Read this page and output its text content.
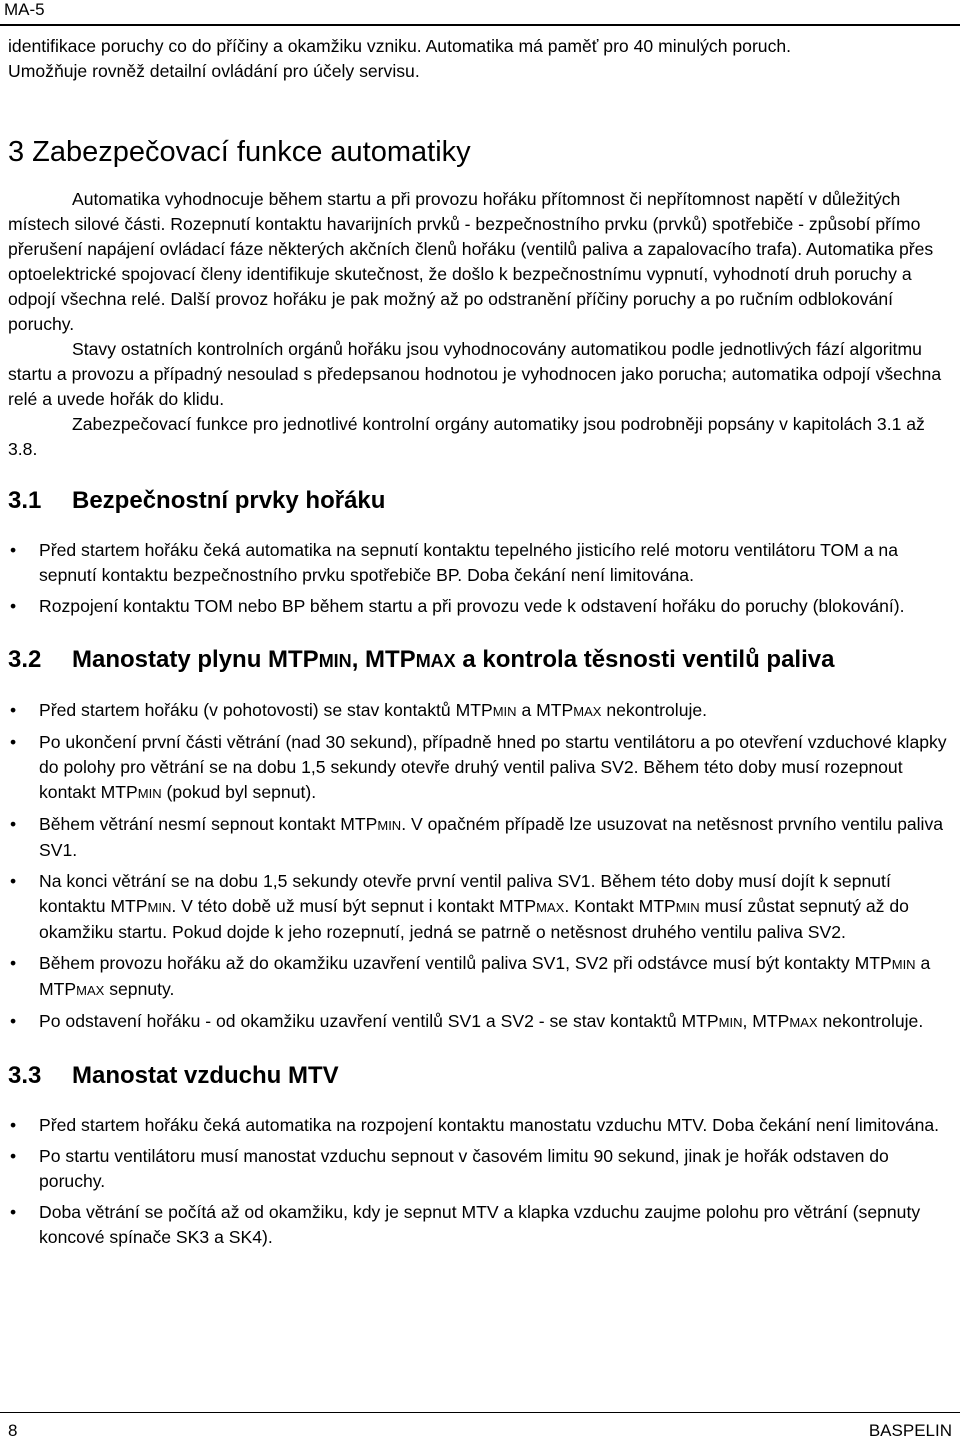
MA-5

identifikace poruchy co do příčiny a okamžiku vzniku. Automatika má paměť pro 40 minulých poruch.

Umožňuje rovněž detailní ovládání pro účely servisu.

3 Zabezpečovací funkce automatiky

Automatika vyhodnocuje během startu a při provozu hořáku přítomnost či nepřítomnost napětí v důležitých místech silové části. Rozepnutí kontaktu havarijních prvků - bezpečnostního prvku (prvků) spotřebiče - způsobí přímo přerušení napájení ovládací fáze některých akčních členů hořáku (ventilů paliva a zapalovacího trafa). Automatika přes optoelektrické spojovací členy identifikuje skutečnost, že došlo k bezpečnostnímu vypnutí, vyhodnotí druh poruchy a odpojí všechna relé. Další provoz hořáku je pak možný až po odstranění příčiny poruchy a po ručním odblokování poruchy.

Stavy ostatních kontrolních orgánů hořáku jsou vyhodnocovány automatikou podle jednotlivých fází algoritmu startu a provozu a případný nesoulad s předepsanou hodnotou je vyhodnocen jako porucha; automatika odpojí všechna relé a uvede hořák do klidu.

Zabezpečovací funkce pro jednotlivé kontrolní orgány automatiky jsou podrobněji popsány v kapitolách 3.1 až 3.8.

3.1	Bezpečnostní prvky hořáku
• Před startem hořáku čeká automatika na sepnutí kontaktu tepelného jisticího relé motoru ventilátoru TOM a na sepnutí kontaktu bezpečnostního prvku spotřebiče BP. Doba čekání není limitována.
• Rozpojení kontaktu TOM nebo BP během startu a při provozu vede k odstavení hořáku do poruchy (blokování).
3.2	Manostaty plynu MTPMIN, MTPMAX a kontrola těsnosti ventilů paliva
• Před startem hořáku (v pohotovosti) se stav kontaktů MTPMIN a MTPMAX nekontroluje.
• Po ukončení první části větrání (nad 30 sekund), případně hned po startu ventilátoru a po otevření vzduchové klapky do polohy pro větrání se na dobu 1,5 sekundy otevře druhý ventil paliva SV2. Během této doby musí rozepnout kontakt MTPMIN (pokud byl sepnut).
• Během větrání nesmí sepnout kontakt MTPMIN. V opačném případě lze usuzovat na netěsnost prvního ventilu paliva SV1.
• Na konci větrání se na dobu 1,5 sekundy otevře první ventil paliva SV1. Během této doby musí dojít k sepnutí kontaktu MTPMIN. V této době už musí být sepnut i kontakt MTPMAX. Kontakt MTPMIN musí zůstat sepnutý až do okamžiku startu. Pokud dojde k jeho rozepnutí, jedná se patrně o netěsnost druhého ventilu paliva SV2.
• Během provozu hořáku až do okamžiku uzavření ventilů paliva SV1, SV2 při odstávce musí být kontakty MTPMIN a MTPMAX sepnuty.
• Po odstavení hořáku - od okamžiku uzavření ventilů SV1 a SV2 - se stav kontaktů MTPMIN, MTPMAX nekontroluje.
3.3	Manostat vzduchu MTV
• Před startem hořáku čeká automatika na rozpojení kontaktu manostatu vzduchu MTV. Doba čekání není limitována.
• Po startu ventilátoru musí manostat vzduchu sepnout v časovém limitu 90 sekund, jinak je hořák odstaven do poruchy.
• Doba větrání se počítá až od okamžiku, kdy je sepnut MTV a klapka vzduchu zaujme polohu pro větrání (sepnuty koncové spínače SK3 a SK4).
8	BASPELIN
